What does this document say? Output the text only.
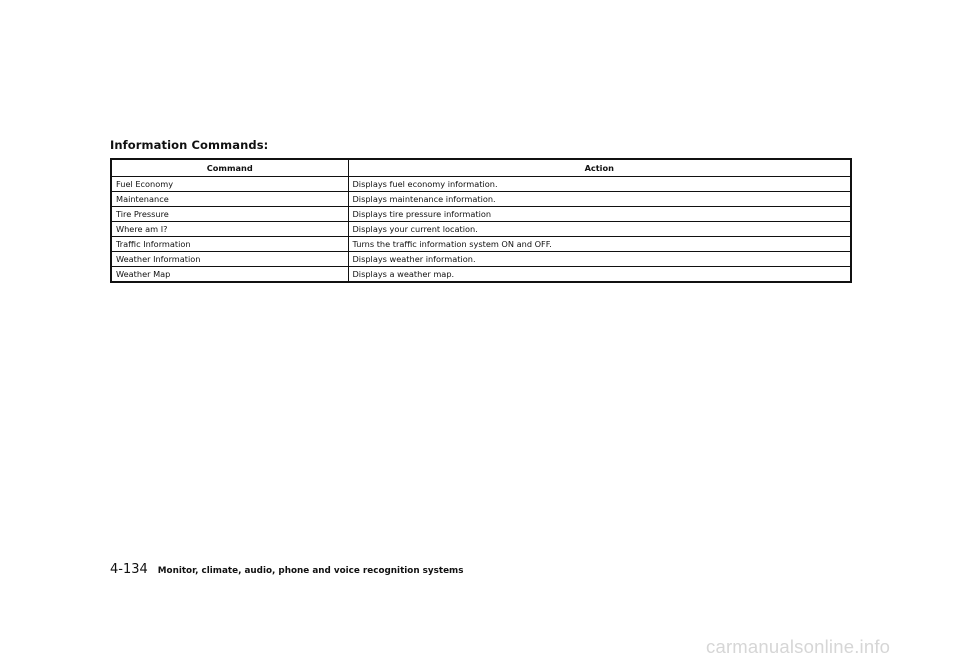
Information Commands:
Command	Action
Fuel Economy	Displays fuel economy information.
Maintenance	Displays maintenance information.
Tire Pressure	Displays tire pressure information
Where am I?	Displays your current location.
Traffic Information	Turns the traffic information system ON and OFF.
Weather Information	Displays weather information.
Weather Map	Displays a weather map.
4-134 Monitor, climate, audio, phone and voice recognition systems
carmanualsonline.info
